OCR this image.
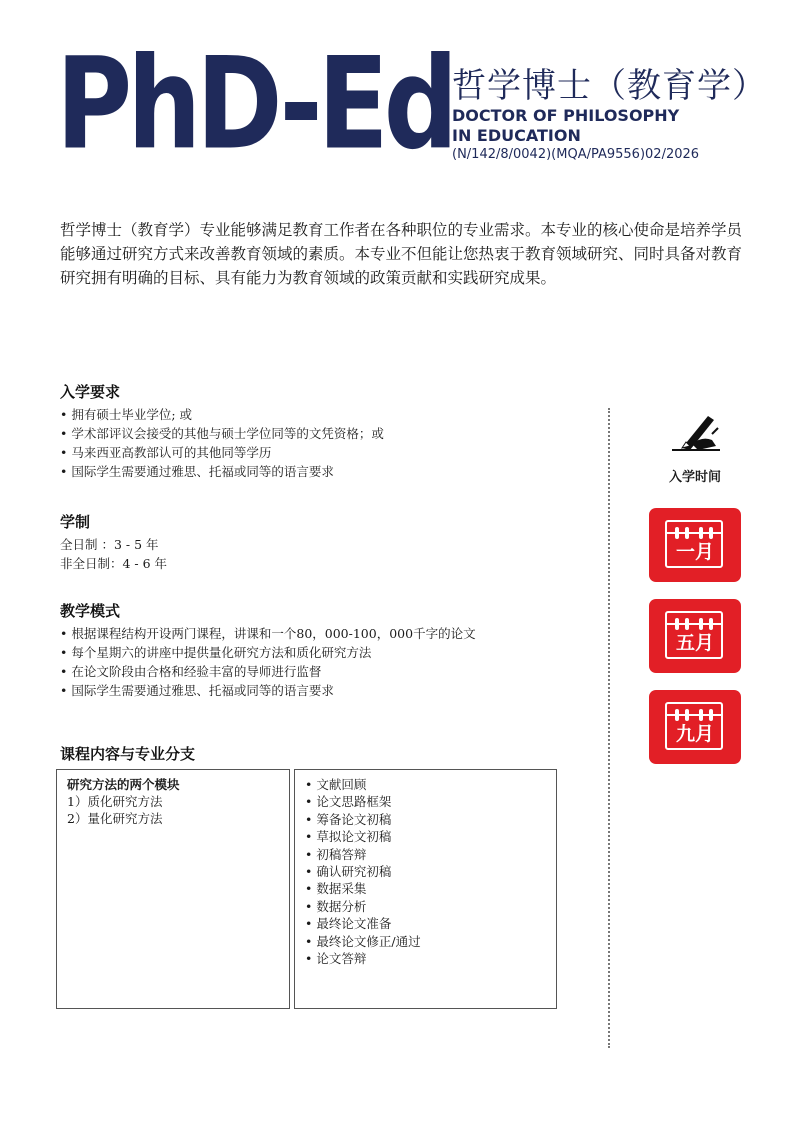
PhD-Ed
哲学博士（教育学）
DOCTOR OF PHILOSOPHY
IN EDUCATION
(N/142/8/0042)(MQA/PA9556)02/2026
哲学博士（教育学）专业能够满足教育工作者在各种职位的专业需求。本专业的核心使命是培养学员能够通过研究方式来改善教育领域的素质。本专业不但能让您热衷于教育领域研究、同时具备对教育研究拥有明确的目标、具有能力为教育领域的政策贡献和实践研究成果。
入学要求
• 拥有硕士毕业学位; 或
• 学术部评议会接受的其他与硕士学位同等的文凭资格；或
• 马来西亚高教部认可的其他同等学历
• 国际学生需要通过雅思、托福或同等的语言要求
学制
全日制 ：3 - 5 年
非全日制：4 - 6 年
教学模式
• 根据课程结构开设两门课程，讲课和一个80，000-100，000千字的论文
• 每个星期六的讲座中提供量化研究方法和质化研究方法
• 在论文阶段由合格和经验丰富的导师进行监督
• 国际学生需要通过雅思、托福或同等的语言要求
课程内容与专业分支
研究方法的两个模块
1）质化研究方法
2）量化研究方法
• 文献回顾
• 论文思路框架
• 筹备论文初稿
• 草拟论文初稿
• 初稿答辩
• 确认研究初稿
• 数据采集
• 数据分析
• 最终论文准备
• 最终论文修正/通过
• 论文答辩
入学时间
一月
五月
九月
